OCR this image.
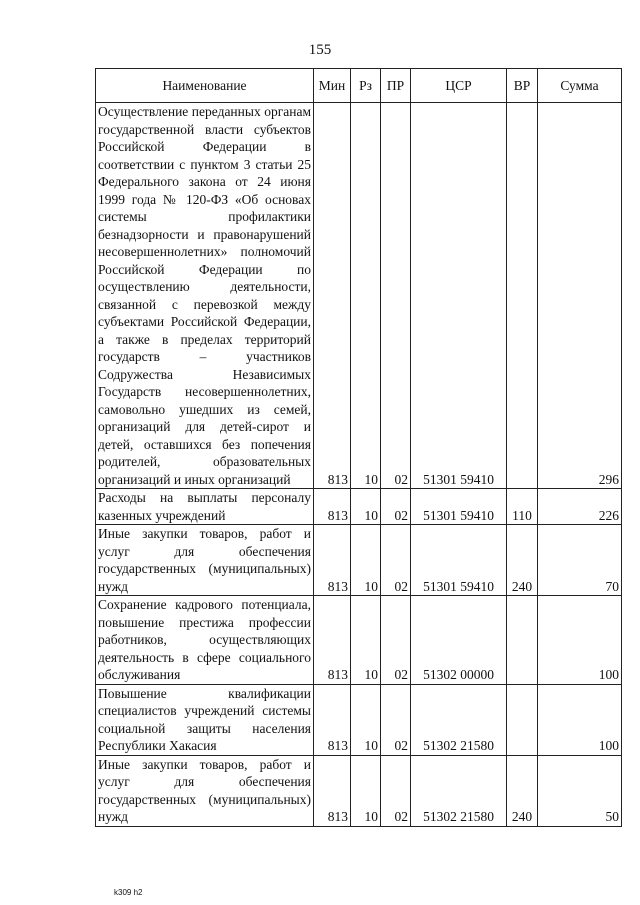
155
Наименование	Мин	Рз	ПР	ЦСР	ВР	Сумма
Осуществление переданных органам государственной власти субъектов Российской Федерации в соответствии с пунктом 3 статьи 25 Федерального закона от 24 июня 1999 года № 120-ФЗ «Об основах системы профилактики безнадзорности и правонарушений несовершеннолетних» полномочий Российской Федерации по осуществлению деятельности, связанной с перевозкой между субъектами Российской Федерации, а также в пределах территорий государств – участников Содружества Независимых Государств несовершеннолетних, самовольно ушедших из семей, организаций для детей-сирот и детей, оставшихся без попечения родителей, образовательных организаций и иных организаций	813	10	02	51301 59410		296
Расходы на выплаты персоналу казенных учреждений	813	10	02	51301 59410	110	226
Иные закупки товаров, работ и услуг для обеспечения государственных (муниципальных) нужд	813	10	02	51301 59410	240	70
Сохранение кадрового потенциала, повышение престижа профессии работников, осуществляющих деятельность в сфере социального обслуживания	813	10	02	51302 00000		100
Повышение квалификации специалистов учреждений системы социальной защиты населения Республики Хакасия	813	10	02	51302 21580		100
Иные закупки товаров, работ и услуг для обеспечения государственных (муниципальных) нужд	813	10	02	51302 21580	240	50
k309 h2
